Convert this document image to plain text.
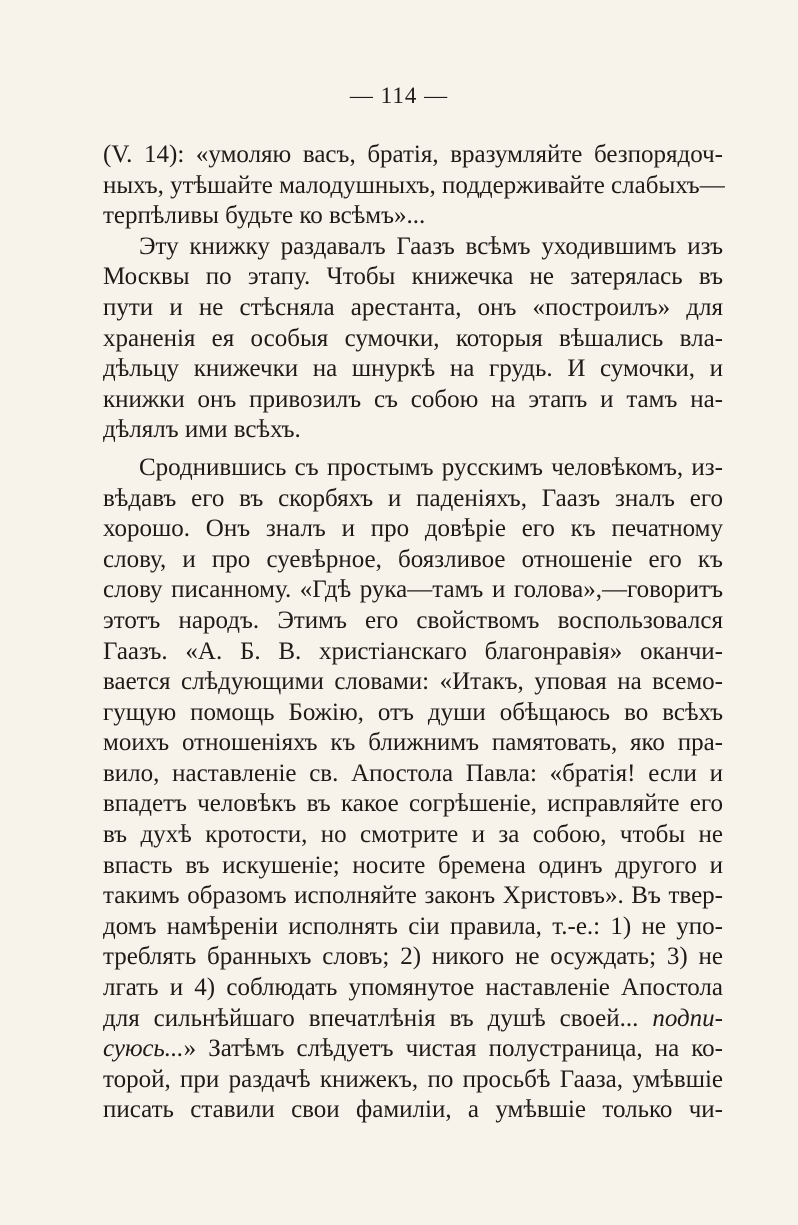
— 114 —
(V. 14): «умоляю васъ, братія, вразумляйте безпорядоч-
ныхъ, утѣшайте малодушныхъ, поддерживайте слабыхъ—
терпѣливы будьте ко всѣмъ»...
Эту книжку раздавалъ Гаазъ всѣмъ уходившимъ изъ
Москвы по этапу. Чтобы книжечка не затерялась въ
пути и не стѣсняла арестанта, онъ «построилъ» для
храненія ея особыя сумочки, которыя вѣшались вла-
дѣльцу книжечки на шнуркѣ на грудь. И сумочки, и
книжки онъ привозилъ съ собою на этапъ и тамъ на-
дѣлялъ ими всѣхъ.
Сроднившись съ простымъ русскимъ человѣкомъ, из-
вѣдавъ его въ скорбяхъ и паденіяхъ, Гаазъ зналъ его
хорошо. Онъ зналъ и про довѣріе его къ печатному
слову, и про суевѣрное, боязливое отношеніе его къ
слову писанному. «Гдѣ рука—тамъ и голова»,—говоритъ
этотъ народъ. Этимъ его свойствомъ воспользовался
Гаазъ. «А. Б. В. христіанскаго благонравія» оканчи-
вается слѣдующими словами: «Итакъ, уповая на всемо-
гущую помощь Божію, отъ души обѣщаюсь во всѣхъ
моихъ отношеніяхъ къ ближнимъ памятовать, яко пра-
вило, наставленіе св. Апостола Павла: «братія! если и
впадетъ человѣкъ въ какое согрѣшеніе, исправляйте его
въ духѣ кротости, но смотрите и за собою, чтобы не
впасть въ искушеніе; носите бремена одинъ другого и
такимъ образомъ исполняйте законъ Христовъ». Въ твер-
домъ намѣреніи исполнять сіи правила, т.-е.: 1) не упо-
треблять бранныхъ словъ; 2) никого не осуждать; 3) не
лгать и 4) соблюдать упомянутое наставленіе Апостола
для сильнѣйшаго впечатлѣнія въ душѣ своей... подпи-
суюсь...» Затѣмъ слѣдуетъ чистая полустраница, на ко-
торой, при раздачѣ книжекъ, по просьбѣ Гааза, умѣвшіе
писать ставили свои фамиліи, а умѣвшіе только чи-
